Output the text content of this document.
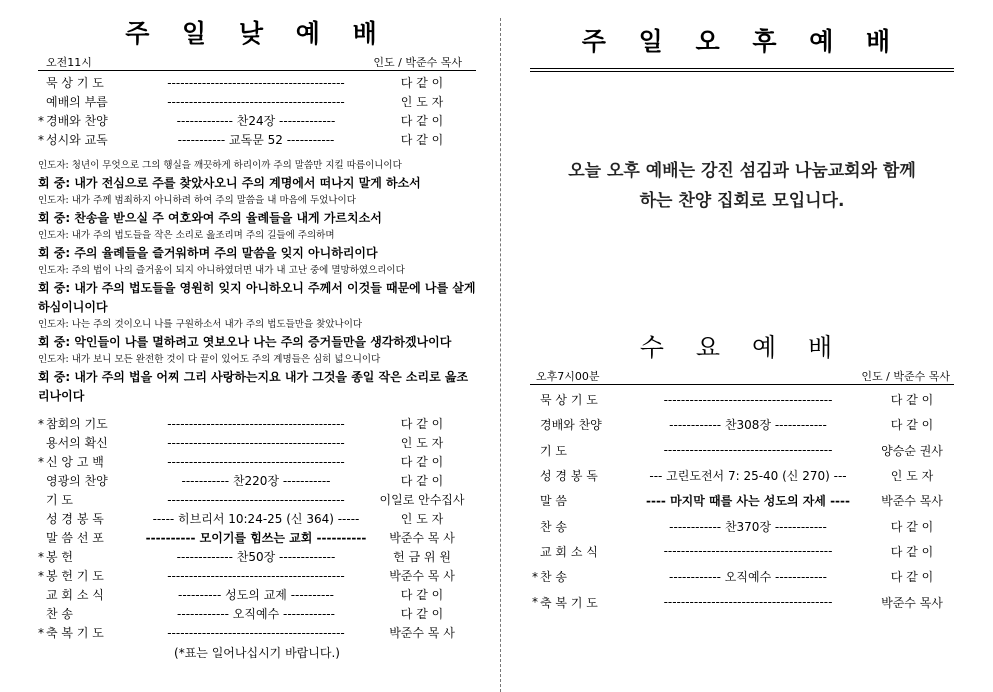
주 일 낮 예 배
오전11시	인도 / 박준수 목사
묵 상 기 도	-----------------------------------------	다 같 이
예배의 부름	-----------------------------------------	인 도 자
* 경배와 찬양	------------- 찬24장 -------------	다 같 이
* 성시와 교독	----------- 교독문 52 -----------	다 같 이
인도자: 청년이 무엇으로 그의 행실을 깨끗하게 하리이까 주의 말씀만 지킬 따름이니이다
회 중: 내가 전심으로 주를 찾았사오니 주의 계명에서 떠나지 말게 하소서
인도자: 내가 주께 범죄하지 아니하려 하여 주의 말씀을 내 마음에 두었나이다
회 중: 찬송을 받으실 주 여호와여 주의 율례들을 내게 가르치소서
인도자: 내가 주의 법도들을 작은 소리로 읊조리며 주의 길들에 주의하며
회 중: 주의 율례들을 즐거워하며 주의 말씀을 잊지 아니하리이다
인도자: 주의 법이 나의 즐거움이 되지 아니하였더면 내가 내 고난 중에 멸망하였으리이다
회 중: 내가 주의 법도들을 영원히 잊지 아니하오니 주께서 이것들 때문에 나를 살게 하심이니이다
인도자: 나는 주의 것이오니 나를 구원하소서 내가 주의 법도들만을 찾았나이다
회 중: 악인들이 나를 멸하려고 엿보오나 나는 주의 증거들만을 생각하겠나이다
인도자: 내가 보니 모든 완전한 것이 다 끝이 있어도 주의 계명들은 심히 넓으니이다
회 중: 내가 주의 법을 어찌 그리 사랑하는지요 내가 그것을 종일 작은 소리로 읊조리나이다
* 참회의 기도	-----------------------------------------	다 같 이
용서의 확신	-----------------------------------------	인 도 자
* 신 앙 고 백	-----------------------------------------	다 같 이
영광의 찬양	----------- 찬220장 -----------	다 같 이
기 도	-----------------------------------------	이일로 안수집사
성 경 봉 독	----- 히브리서 10:24-25 (신 364) -----	인 도 자
말 씀 선 포	---------- 모이기를 힘쓰는 교회 ----------	박준수 목 사
* 봉 헌	------------- 찬50장 -------------	헌 금 위 원
* 봉 헌 기 도	-----------------------------------------	박준수 목 사
교 회 소 식	---------- 성도의 교제 ----------	다 같 이
찬 송	------------ 오직예수 ------------	다 같 이
* 축 복 기 도	-----------------------------------------	박준수 목 사
(*표는 일어나십시기 바랍니다.)
주 일 오 후 예 배
오늘 오후 예배는 강진 섬김과 나눔교회와 함께
하는 찬양 집회로 모입니다.
수 요 예 배
오후7시00분	인도 / 박준수 목사
묵 상 기 도	---------------------------------------	다 같 이
경배와 찬양	------------ 찬308장 ------------	다 같 이
기 도	---------------------------------------	양승순 권사
성 경 봉 독	--- 고린도전서 7: 25-40 (신 270) ---	인 도 자
말 씀	---- 마지막 때를 사는 성도의 자세 ----	박준수 목사
찬 송	------------ 찬370장 ------------	다 같 이
교 회 소 식	---------------------------------------	다 같 이
* 찬 송	------------ 오직예수 ------------	다 같 이
* 축 복 기 도	---------------------------------------	박준수 목사
